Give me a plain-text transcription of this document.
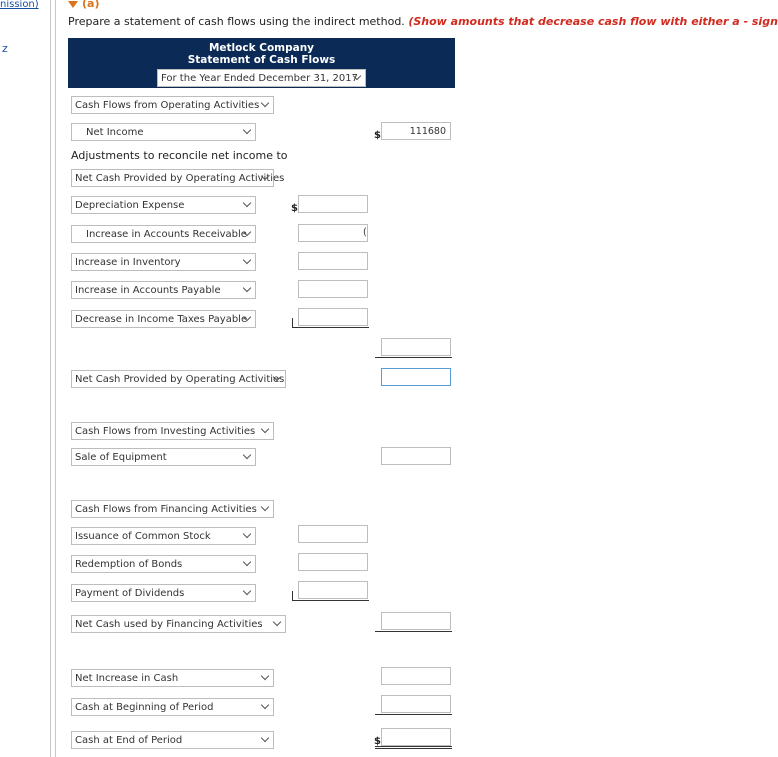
nission)
z
(a)
Prepare a statement of cash flows using the indirect method. (Show amounts that decrease cash flow with either a - sign
Metlock Company
Statement of Cash Flows
For the Year Ended December 31, 2017
Cash Flows from Operating Activities
Net Income	$	111680
Adjustments to reconcile net income to
Net Cash Provided by Operating Activities
Depreciation Expense	$
Increase in Accounts Receivable	(
Increase in Inventory
Increase in Accounts Payable
Decrease in Income Taxes Payable
Net Cash Provided by Operating Activities
Cash Flows from Investing Activities
Sale of Equipment
Cash Flows from Financing Activities
Issuance of Common Stock
Redemption of Bonds
Payment of Dividends
Net Cash used by Financing Activities
Net Increase in Cash
Cash at Beginning of Period
Cash at End of Period	$
